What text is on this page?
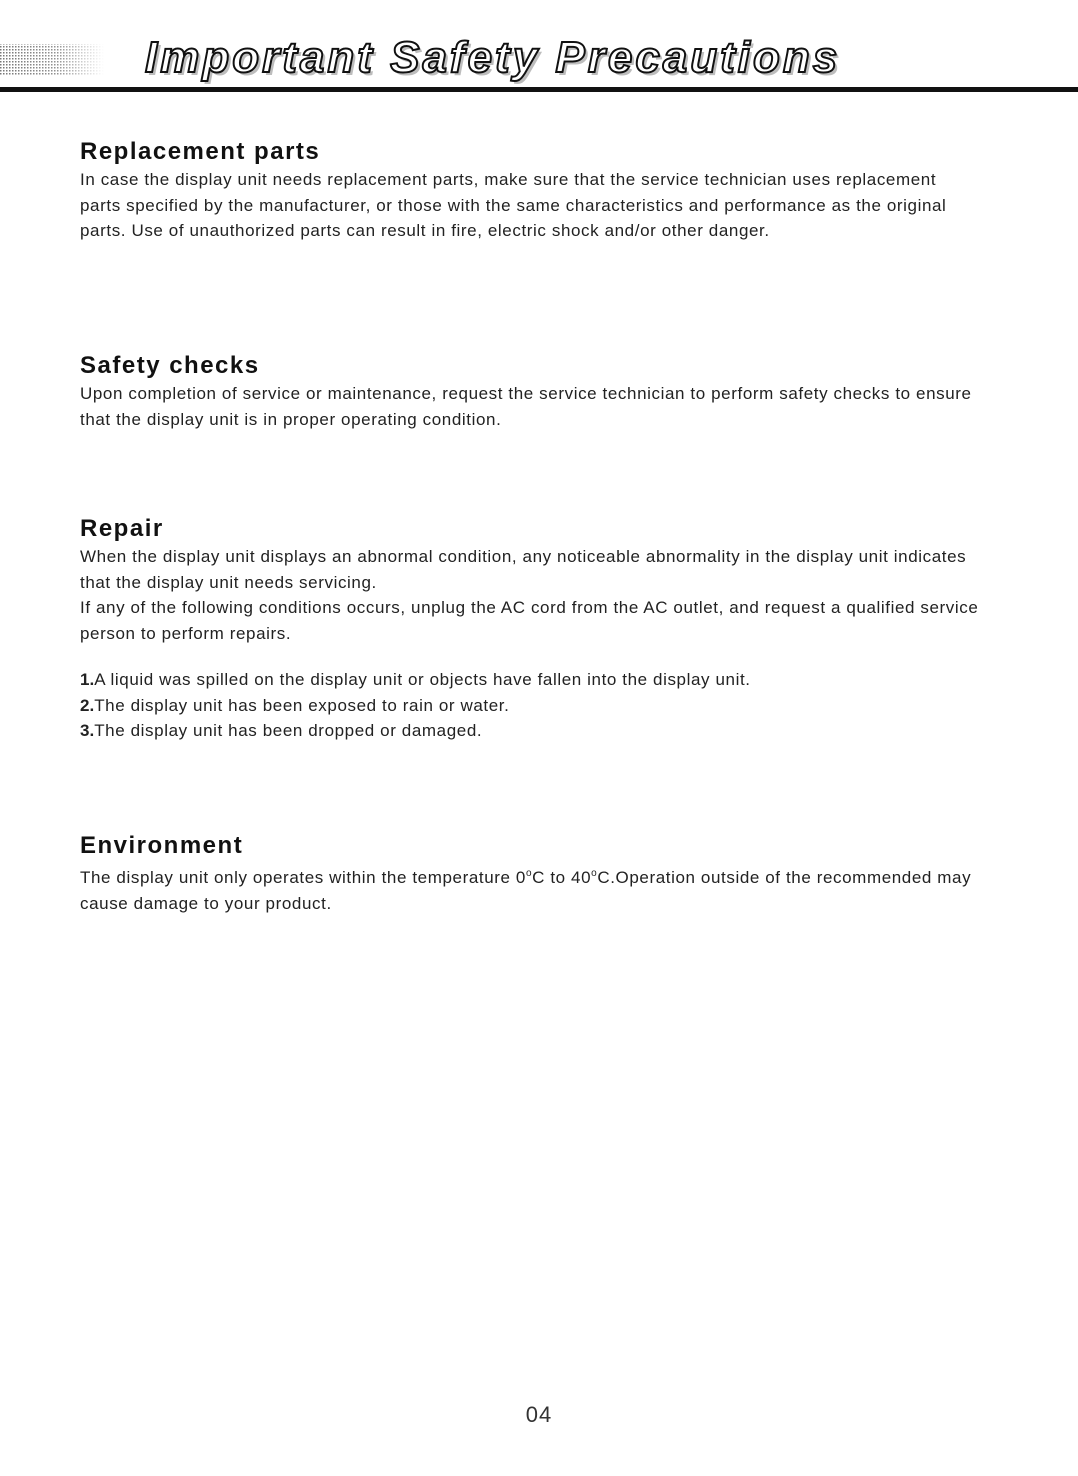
Important Safety Precautions
Replacement parts

In case the display unit needs replacement parts, make sure that the service technician uses replacement parts specified by the manufacturer, or those with the same characteristics and performance as the original parts. Use of unauthorized parts can result in fire, electric shock and/or other danger.

Safety checks

Upon completion of service or maintenance, request the service technician to perform safety checks to ensure that the display unit is in proper operating condition.

Repair

When the display unit displays an abnormal condition, any noticeable abnormality in the display unit indicates that the display unit needs servicing.

If any of the following conditions occurs, unplug the AC cord from the AC outlet, and request a qualified service person to perform repairs.

1.A liquid was spilled on the display unit or objects have fallen into the display unit.
2.The display unit has been exposed to rain or water.
3.The display unit has been dropped or damaged.
Environment

The display unit only operates within the temperature 0$^o$C to 40$^o$C.Operation outside of the recommended may cause damage to your product.

04
